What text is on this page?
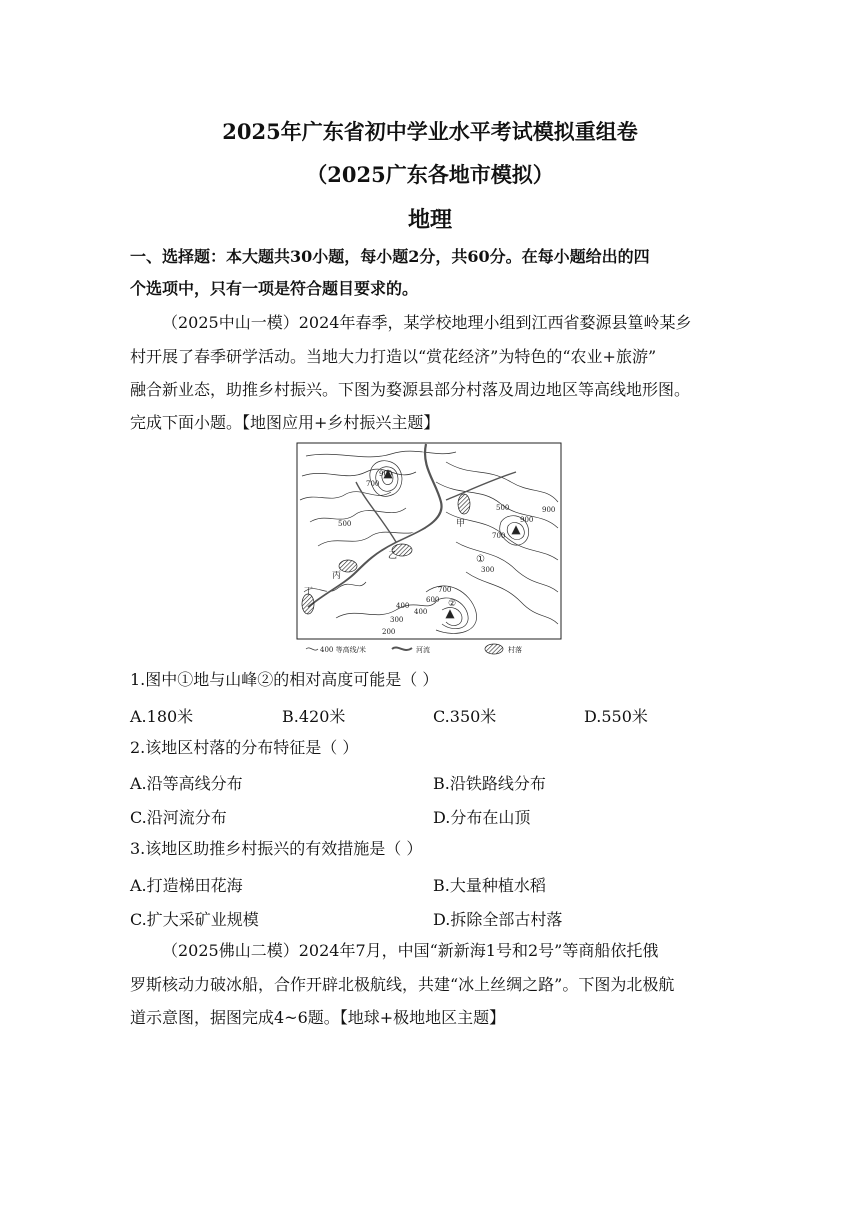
2025年广东省初中学业水平考试模拟重组卷
（2025广东各地市模拟）
地理
一、选择题：本大题共30小题，每小题2分，共60分。在每小题给出的四
个选项中，只有一项是符合题目要求的。
（2025中山一模）2024年春季，某学校地理小组到江西省婺源县篁岭某乡
村开展了春季研学活动。当地大力打造以“赏花经济”为特色的“农业+旅游”
融合新业态，助推乡村振兴。下图为婺源县部分村落及周边地区等高线地形图。
完成下面小题。【地图应用+乡村振兴主题】
900
700
500
400
300
200
700
900
500
300
400
600
700
900
甲
乙
丙
丁
①
②
400 等高线/米	河流	村落
1.图中①地与山峰②的相对高度可能是（ ）
A.180米	B.420米	C.350米	D.550米
2.该地区村落的分布特征是（ ）
A.沿等高线分布	B.沿铁路线分布
C.沿河流分布	D.分布在山顶
3.该地区助推乡村振兴的有效措施是（ ）
A.打造梯田花海	B.大量种植水稻
C.扩大采矿业规模	D.拆除全部古村落
（2025佛山二模）2024年7月，中国“新新海1号和2号”等商船依托俄
罗斯核动力破冰船，合作开辟北极航线，共建“冰上丝绸之路”。下图为北极航
道示意图，据图完成4~6题。【地球+极地地区主题】
